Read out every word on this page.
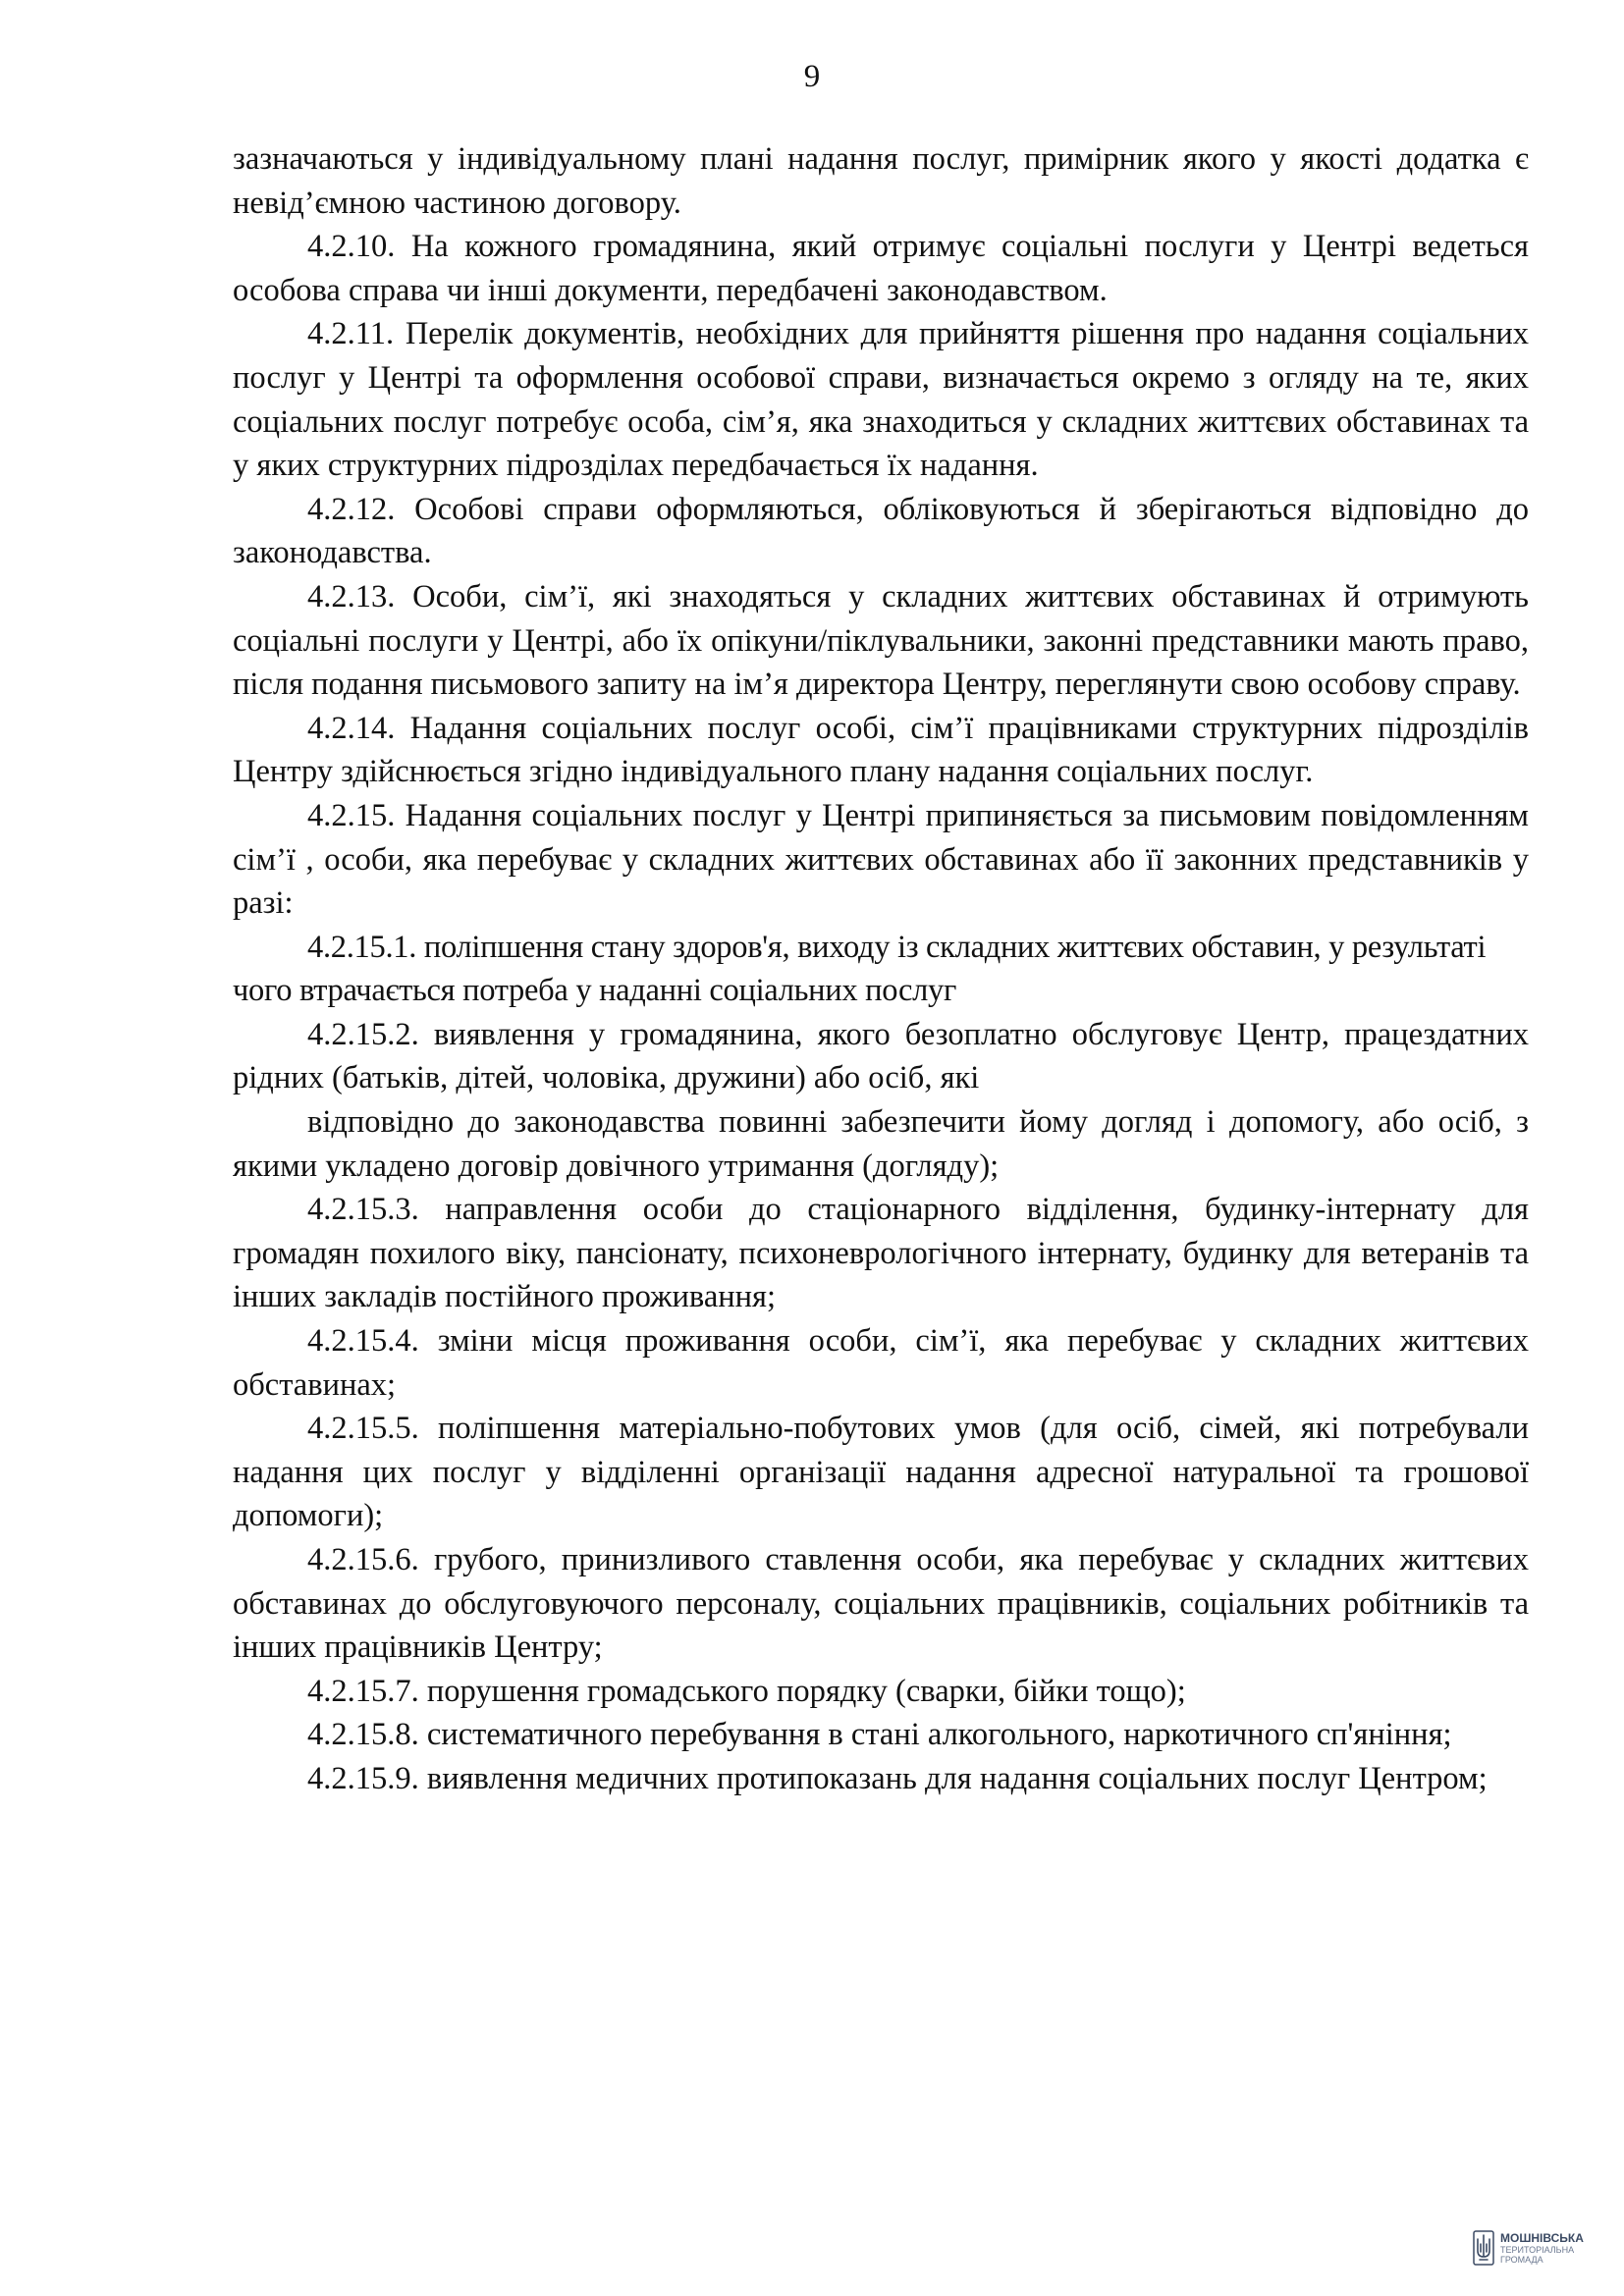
9

зазначаються у індивідуальному плані надання послуг, примірник якого у якості додатка є невід’ємною частиною договору.

4.2.10. На кожного громадянина, який отримує соціальні послуги у Центрі ведеться особова справа чи інші документи, передбачені законодавством.

4.2.11. Перелік документів, необхідних для прийняття рішення про надання соціальних послуг у Центрі та оформлення особової справи, визначається окремо з огляду на те, яких соціальних послуг потребує особа, сім’я, яка знаходиться у складних життєвих обставинах та у яких структурних підрозділах передбачається їх надання.

4.2.12. Особові справи оформляються, обліковуються й зберігаються відповідно до законодавства.

4.2.13. Особи, сім’ї, які знаходяться у складних життєвих обставинах й отримують соціальні послуги у Центрі, або їх опікуни/піклувальники, законні представники мають право, після подання письмового запиту на ім’я директора Центру, переглянути свою особову справу.

4.2.14. Надання соціальних послуг особі, сім’ї працівниками структурних підрозділів Центру здійснюється згідно індивідуального плану надання соціальних послуг.

4.2.15. Надання соціальних послуг у Центрі припиняється за письмовим повідомленням сім’ї , особи, яка перебуває у складних життєвих обставинах або її законних представників у разі:

4.2.15.1. поліпшення стану здоров'я, виходу із складних життєвих обставин, у результаті чого втрачається потреба у наданні соціальних послуг

4.2.15.2. виявлення у громадянина, якого безоплатно обслуговує Центр, працездатних рідних (батьків, дітей, чоловіка, дружини) або осіб, які

відповідно до законодавства повинні забезпечити йому догляд і допомогу, або осіб, з якими укладено договір довічного утримання (догляду);

4.2.15.3. направлення особи до стаціонарного відділення, будинку-інтернату для громадян похилого віку, пансіонату, психоневрологічного інтернату, будинку для ветеранів та інших закладів постійного проживання;

4.2.15.4. зміни місця проживання особи, сім’ї, яка перебуває у складних життєвих обставинах;

4.2.15.5. поліпшення матеріально-побутових умов (для осіб, сімей, які потребували надання цих послуг у відділенні організації надання адресної натуральної та грошової допомоги);

4.2.15.6. грубого, принизливого ставлення особи, яка перебуває у складних життєвих обставинах до обслуговуючого персоналу, соціальних працівників, соціальних робітників та інших працівників Центру;

4.2.15.7. порушення громадського порядку (сварки, бійки тощо);

4.2.15.8. систематичного перебування в стані алкогольного, наркотичного сп'яніння;

4.2.15.9. виявлення медичних протипоказань для надання соціальних послуг Центром;

МОШНІВСЬКА
ТЕРИТОРІАЛЬНА
ГРОМАДА
